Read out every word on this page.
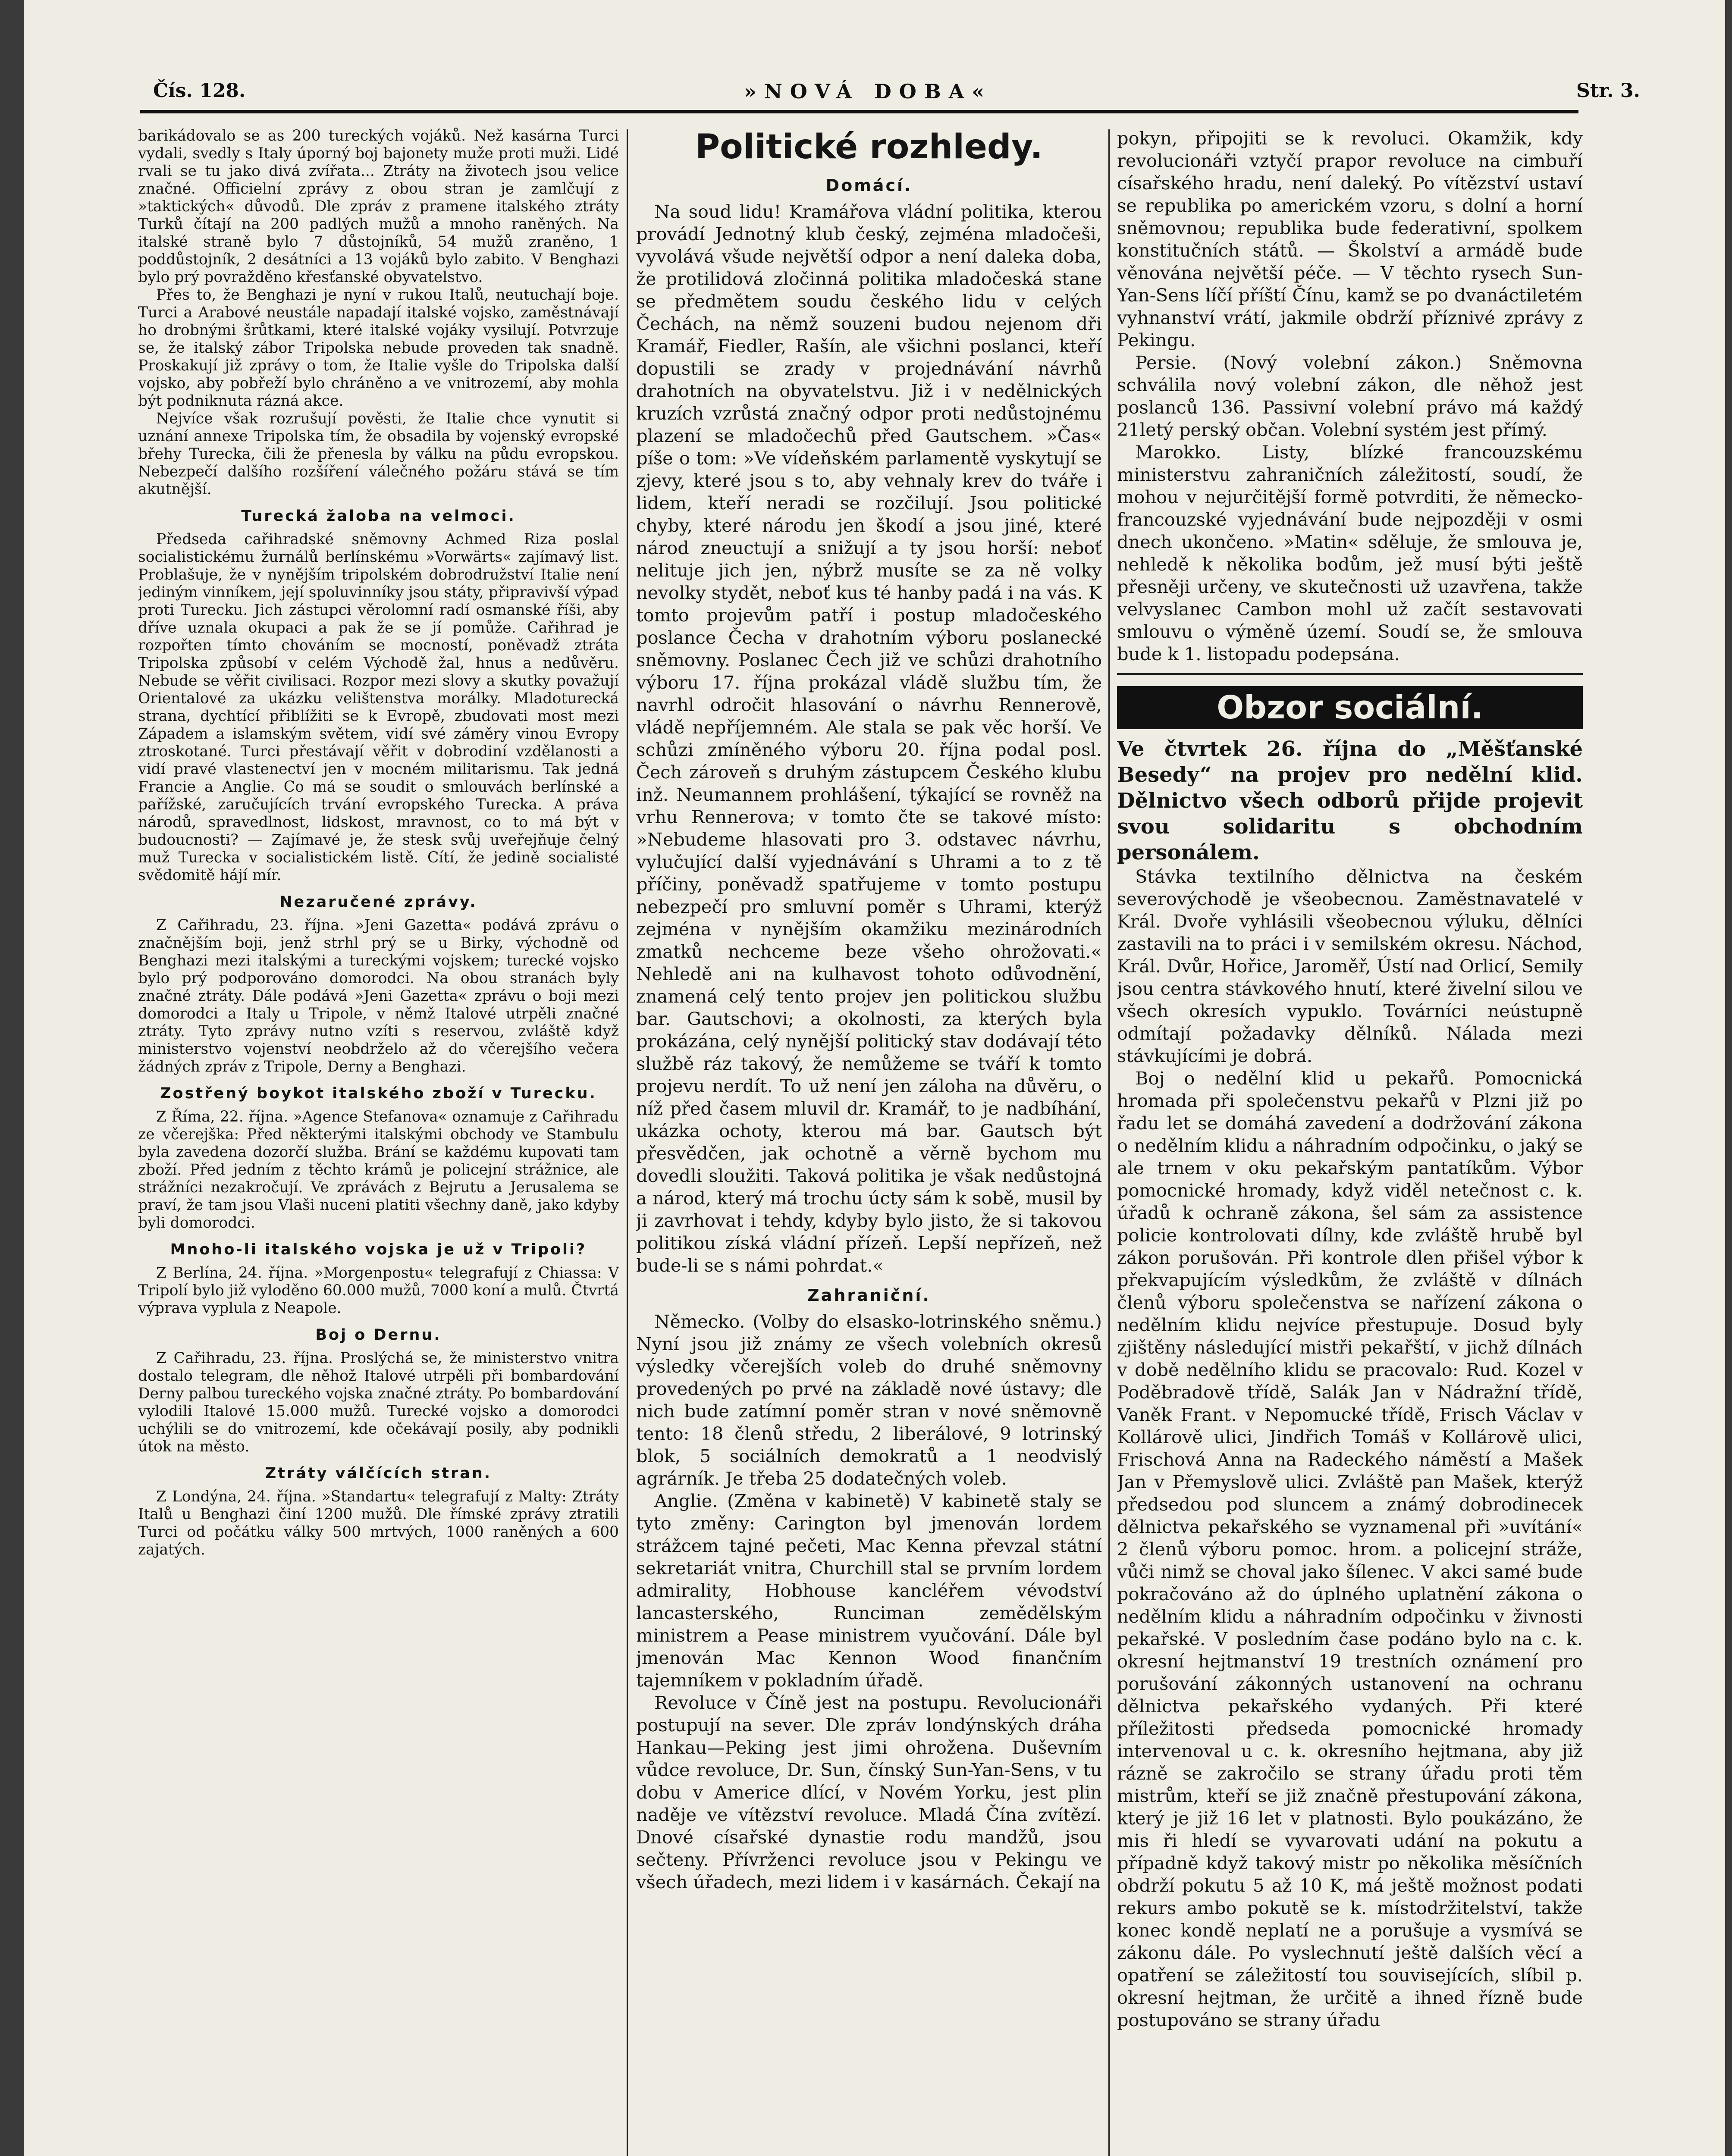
Čís. 128.	»NOVÁ DOBA«	Str. 3.

barikádovalo se as 200 tureckých vojáků. Než kasárna Turci vydali, svedly s Italy úporný boj bajonety muže proti muži. Lidé rvali se tu jako divá zvířata... Ztráty na životech jsou velice značné. Officielní zprávy z obou stran je zamlčují z »taktických« důvodů. Dle zpráv z pramene italského ztráty Turků čítají na 200 padlých mužů a mnoho raněných. Na italské straně bylo 7 důstojníků, 54 mužů zraněno, 1 poddůstojník, 2 desátníci a 13 vojáků bylo zabito. V Benghazi bylo prý povražděno křesťanské obyvatelstvo.

Přes to, že Benghazi je nyní v rukou Italů, neutuchají boje. Turci a Arabové neustále napadají italské vojsko, zaměstnávají ho drobnými šrůtkami, které italské vojáky vysilují. Potvrzuje se, že italský zábor Tripolska nebude proveden tak snadně. Proskakují již zprávy o tom, že Italie vyšle do Tripolska další vojsko, aby pobřeží bylo chráněno a ve vnitrozemí, aby mohla být podniknuta rázná akce.

Nejvíce však rozrušují pověsti, že Italie chce vynutit si uznání annexe Tripolska tím, že obsadila by vojenský evropské břehy Turecka, čili že přenesla by válku na půdu evropskou. Nebezpečí dalšího rozšíření válečného požáru stává se tím akutnější.

Turecká žaloba na velmoci.

Předseda cařihradské sněmovny Achmed Riza poslal socialistickému žurnálů berlínskému »Vorwärts« zajímavý list. Problašuje, že v nynějším tripolském dobrodružství Italie není jediným vinníkem, její spoluvinníky jsou státy, připravivší výpad proti Turecku. Jich zástupci věrolomní radí osmanské říši, aby dříve uznala okupaci a pak že se jí pomůže. Cařihrad je rozpořten tímto chováním se mocností, poněvadž ztráta Tripolska způsobí v celém Východě žal, hnus a nedůvěru. Nebude se věřit civilisaci. Rozpor mezi slovy a skutky považují Orientalové za ukázku velištenstva morálky. Mladoturecká strana, dychtící přiblížiti se k Evropě, zbudovati most mezi Západem a islamským světem, vidí své záměry vinou Evropy ztroskotané. Turci přestávají věřit v dobrodiní vzdělanosti a vidí pravé vlastenectví jen v mocném militarismu. Tak jedná Francie a Anglie. Co má se soudit o smlouvách berlínské a pařížské, zaručujících trvání evropského Turecka. A práva národů, spravedlnost, lidskost, mravnost, co to má být v budoucnosti? — Zajímavé je, že stesk svůj uveřejňuje čelný muž Turecka v socialistickém listě. Cítí, že jedině socialisté svědomitě hájí mír.

Nezaručené zprávy.

Z Cařihradu, 23. října. »Jeni Gazetta« podává zprávu o značnějším boji, jenž strhl prý se u Birky, východně od Benghazi mezi italskými a tureckými vojskem; turecké vojsko bylo prý podporováno domorodci. Na obou stranách byly značné ztráty. Dále podává »Jeni Gazetta« zprávu o boji mezi domorodci a Italy u Tripole, v němž Italové utrpěli značné ztráty. Tyto zprávy nutno vzíti s reservou, zvláště když ministerstvo vojenství neobdrželo až do včerejšího večera žádných zpráv z Tripole, Derny a Benghazi.

Zostřený boykot italského zboží v Turecku.

Z Říma, 22. října. »Agence Stefanova« oznamuje z Cařihradu ze včerejška: Před některými italskými obchody ve Stambulu byla zavedena dozorčí služba. Brání se každému kupovati tam zboží. Před jedním z těchto krámů je policejní strážnice, ale strážníci nezakročují. Ve zprávách z Bejrutu a Jerusalema se praví, že tam jsou Vlaši nuceni platiti všechny daně, jako kdyby byli domorodci.

Mnoho-li italského vojska je už v Tripoli?

Z Berlína, 24. října. »Morgenpostu« telegrafují z Chiassa: V Tripolí bylo již vyloděno 60.000 mužů, 7000 koní a mulů. Čtvrtá výprava vyplula z Neapole.

Boj o Dernu.

Z Cařihradu, 23. října. Proslýchá se, že ministerstvo vnitra dostalo telegram, dle něhož Italové utrpěli při bombardování Derny palbou tureckého vojska značné ztráty. Po bombardování vylodili Italové 15.000 mužů. Turecké vojsko a domorodci uchýlili se do vnitrozemí, kde očekávají posily, aby podnikli útok na město.

Ztráty válčících stran.

Z Londýna, 24. října. »Standartu« telegrafují z Malty: Ztráty Italů u Benghazi činí 1200 mužů. Dle římské zprávy ztratili Turci od počátku války 500 mrtvých, 1000 raněných a 600 zajatých.

Politické rozhledy.
Domácí.

Na soud lidu! Kramářova vládní politika, kterou provádí Jednotný klub český, zejména mladočeši, vyvolává všude největší odpor a není daleka doba, že protilidová zločinná politika mladočeská stane se předmětem soudu českého lidu v celých Čechách, na němž souzeni budou nejenom dři Kramář, Fiedler, Rašín, ale všichni poslanci, kteří dopustili se zrady v projednávání návrhů drahotních na obyvatelstvu. Již i v nedělnických kruzích vzrůstá značný odpor proti nedůstojnému plazení se mladočechů před Gautschem. »Čas« píše o tom: »Ve vídeňském parlamentě vyskytují se zjevy, které jsou s to, aby vehnaly krev do tváře i lidem, kteří neradi se rozčilují. Jsou politické chyby, které národu jen škodí a jsou jiné, které národ zneuctují a snižují a ty jsou horší: neboť nelituje jich jen, nýbrž musíte se za ně volky nevolky stydět, neboť kus té hanby padá i na vás. K tomto projevům patří i postup mladočeského poslance Čecha v drahotním výboru poslanecké sněmovny. Poslanec Čech již ve schůzi drahotního výboru 17. října prokázal vládě službu tím, že navrhl odročit hlasování o návrhu Rennerově, vládě nepříjemném. Ale stala se pak věc horší. Ve schůzi zmíněného výboru 20. října podal posl. Čech zároveň s druhým zástupcem Českého klubu inž. Neumannem prohlášení, týkající se rovněž na vrhu Rennerova; v tomto čte se takové místo: »Nebudeme hlasovati pro 3. odstavec návrhu, vylučující další vyjednávání s Uhrami a to z tě příčiny, poněvadž spatřujeme v tomto postupu nebezpečí pro smluvní poměr s Uhrami, kterýž zejména v nynějším okamžiku mezinárodních zmatků nechceme beze všeho ohrožovati.« Nehledě ani na kulhavost tohoto odůvodnění, znamená celý tento projev jen politickou službu bar. Gautschovi; a okolnosti, za kterých byla prokázána, celý nynější politický stav dodávají této službě ráz takový, že nemůžeme se tváří k tomto projevu nerdít. To už není jen záloha na důvěru, o níž před časem mluvil dr. Kramář, to je nadbíhání, ukázka ochoty, kterou má bar. Gautsch být přesvědčen, jak ochotně a věrně bychom mu dovedli sloužiti. Taková politika je však nedůstojná a národ, který má trochu úcty sám k sobě, musil by ji zavrhovat i tehdy, kdyby bylo jisto, že si takovou politikou získá vládní přízeň. Lepší nepřízeň, než bude-li se s námi pohrdat.«

Zahraniční.

Německo. (Volby do elsasko-lotrinského sněmu.) Nyní jsou již známy ze všech volebních okresů výsledky včerejších voleb do druhé sněmovny provedených po prvé na základě nové ústavy; dle nich bude zatímní poměr stran v nové sněmovně tento: 18 členů středu, 2 liberálové, 9 lotrinský blok, 5 sociálních demokratů a 1 neodvislý agrárník. Je třeba 25 dodatečných voleb.

Anglie. (Změna v kabinetě) V kabinetě staly se tyto změny: Carington byl jmenován lordem strážcem tajné pečeti, Mac Kenna převzal státní sekretariát vnitra, Churchill stal se prvním lordem admirality, Hobhouse kancléřem vévodství lancasterského, Runciman zemědělským ministrem a Pease ministrem vyučování. Dále byl jmenován Mac Kennon Wood finančním tajemníkem v pokladním úřadě.

Revoluce v Číně jest na postupu. Revolucionáři postupují na sever. Dle zpráv londýnských dráha Hankau—Peking jest jimi ohrožena. Duševním vůdce revoluce, Dr. Sun, čínský Sun-Yan-Sens, v tu dobu v Americe dlící, v Novém Yorku, jest plin naděje ve vítězství revoluce. Mladá Čína zvítězí. Dnové císařské dynastie rodu mandžů, jsou sečteny. Přívrženci revoluce jsou v Pekingu ve všech úřadech, mezi lidem i v kasárnách. Čekají na

pokyn, připojiti se k revoluci. Okamžik, kdy revolucionáři vztyčí prapor revoluce na cimbuří císařského hradu, není daleký. Po vítězství ustaví se republika po americkém vzoru, s dolní a horní sněmovnou; republika bude federativní, spolkem konstitučních států. — Školství a armádě bude věnována největší péče. — V těchto rysech Sun-Yan-Sens líčí příští Čínu, kamž se po dvanáctiletém vyhnanství vrátí, jakmile obdrží příznivé zprávy z Pekingu.

Persie. (Nový volební zákon.) Sněmovna schválila nový volební zákon, dle něhož jest poslanců 136. Passivní volební právo má každý 21letý perský občan. Volební systém jest přímý.

Marokko. Listy, blízké francouzskému ministerstvu zahraničních záležitostí, soudí, že mohou v nejurčitější formě potvrditi, že německo-francouzské vyjednávání bude nejpozději v osmi dnech ukončeno. »Matin« sděluje, že smlouva je, nehledě k několika bodům, jež musí býti ještě přesněji určeny, ve skutečnosti už uzavřena, takže velvyslanec Cambon mohl už začít sestavovati smlouvu o výměně území. Soudí se, že smlouva bude k 1. listopadu podepsána.

Obzor sociální.

Ve čtvrtek 26. října do „Měšťanské Besedy“ na projev pro nedělní klid. Dělnictvo všech odborů přijde projevit svou solidaritu s obchodním personálem.

Stávka textilního dělnictva na českém severovýchodě je všeobecnou. Zaměstnavatelé v Král. Dvoře vyhlásili všeobecnou výluku, dělníci zastavili na to práci i v semilském okresu. Náchod, Král. Dvůr, Hořice, Jaroměř, Ústí nad Orlicí, Semily jsou centra stávkového hnutí, které živelní silou ve všech okresích vypuklo. Továrníci neústupně odmítají požadavky dělníků. Nálada mezi stávkujícími je dobrá.

Boj o nedělní klid u pekařů. Pomocnická hromada při společenstvu pekařů v Plzni již po řadu let se domáhá zavedení a dodržování zákona o nedělním klidu a náhradním odpočinku, o jaký se ale trnem v oku pekařským pantatíkům. Výbor pomocnické hromady, když viděl netečnost c. k. úřadů k ochraně zákona, šel sám za assistence policie kontrolovati dílny, kde zvláště hrubě byl zákon porušován. Při kontrole dlen přišel výbor k překvapujícím výsledkům, že zvláště v dílnách členů výboru společenstva se nařízení zákona o nedělním klidu nejvíce přestupuje. Dosud byly zjištěny následující mistři pekařští, v jichž dílnách v době nedělního klidu se pracovalo: Rud. Kozel v Poděbradově třídě, Salák Jan v Nádražní třídě, Vaněk Frant. v Nepomucké třídě, Frisch Václav v Kollárově ulici, Jindřich Tomáš v Kollárově ulici, Frischová Anna na Radeckého náměstí a Mašek Jan v Přemyslově ulici. Zvláště pan Mašek, kterýž předsedou pod sluncem a známý dobrodinecek dělnictva pekařského se vyznamenal při »uvítání« 2 členů výboru pomoc. hrom. a policejní stráže, vůči nimž se choval jako šílenec. V akci samé bude pokračováno až do úplného uplatnění zákona o nedělním klidu a náhradním odpočinku v živnosti pekařské. V posledním čase podáno bylo na c. k. okresní hejtmanství 19 trestních oznámení pro porušování zákonných ustanovení na ochranu dělnictva pekařského vydaných. Při které příležitosti předseda pomocnické hromady intervenoval u c. k. okresního hejtmana, aby již rázně se zakročilo se strany úřadu proti těm mistrům, kteří se již značně přestupování zákona, který je již 16 let v platnosti. Bylo poukázáno, že mis ři hledí se vyvarovati udání na pokutu a případně když takový mistr po několika měsíčních obdrží pokutu 5 až 10 K, má ještě možnost podati rekurs ambo pokutě se k. místodržitelství, takže konec kondě neplatí ne a porušuje a vysmívá se zákonu dále. Po vyslechnutí ještě dalších věcí a opatření se záležitostí tou souvisejících, slíbil p. okresní hejtman, že určitě a ihned řízně bude postupováno se strany úřadu
